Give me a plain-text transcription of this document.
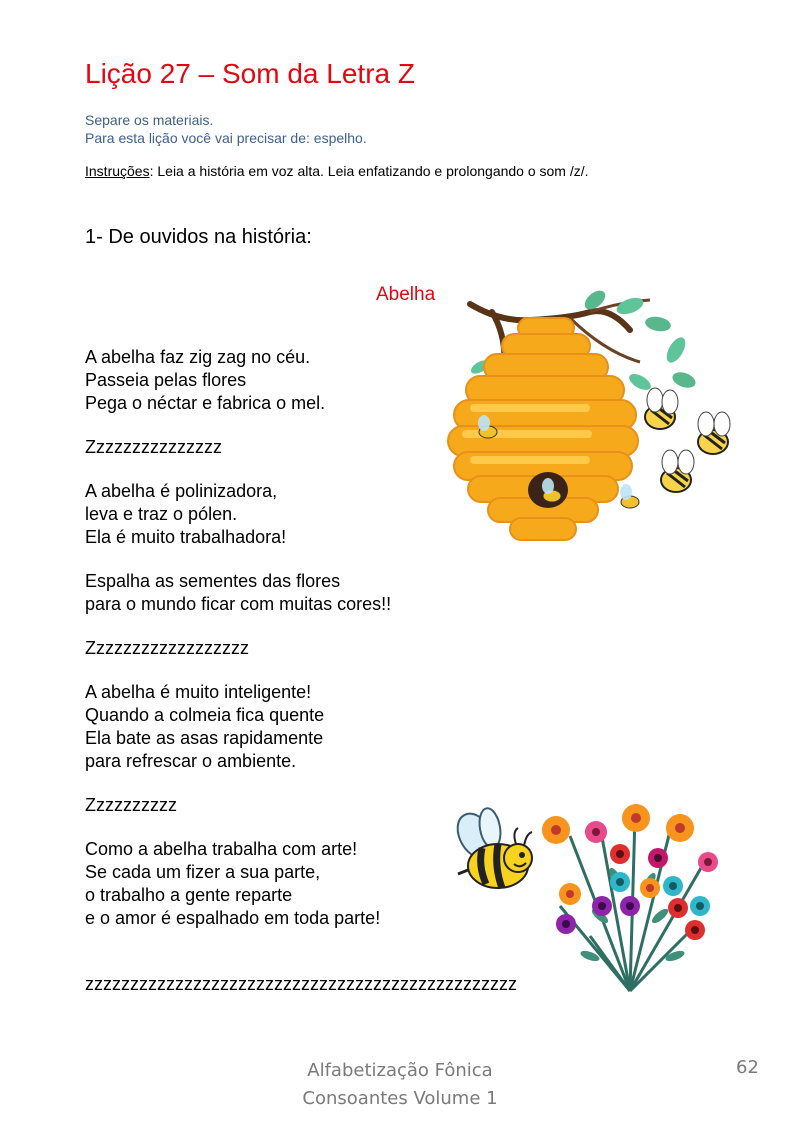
Lição 27 – Som da Letra Z
Separe os materiais.
Para esta lição você vai precisar de: espelho.
Instruções: Leia a história em voz alta. Leia enfatizando e prolongando o som /z/.
1- De ouvidos na história:
Abelha
A abelha faz zig zag no céu.
Passeia pelas flores
Pega o néctar e fabrica o mel.
Zzzzzzzzzzzzzzz
A abelha é polinizadora,
leva e traz o pólen.
Ela é muito trabalhadora!
Espalha as sementes das flores
para o mundo ficar com muitas cores!!
Zzzzzzzzzzzzzzzzzz
A abelha é muito inteligente!
Quando a colmeia fica quente
Ela bate as asas rapidamente
para refrescar o ambiente.
Zzzzzzzzzz
Como a abelha trabalha com arte!
Se cada um fizer a sua parte,
o trabalho a gente reparte
e o amor é espalhado em toda parte!
zzzzzzzzzzzzzzzzzzzzzzzzzzzzzzzzzzzzzzzzzzzzzzzz
Alfabetização Fônica
Consoantes Volume 1
62
